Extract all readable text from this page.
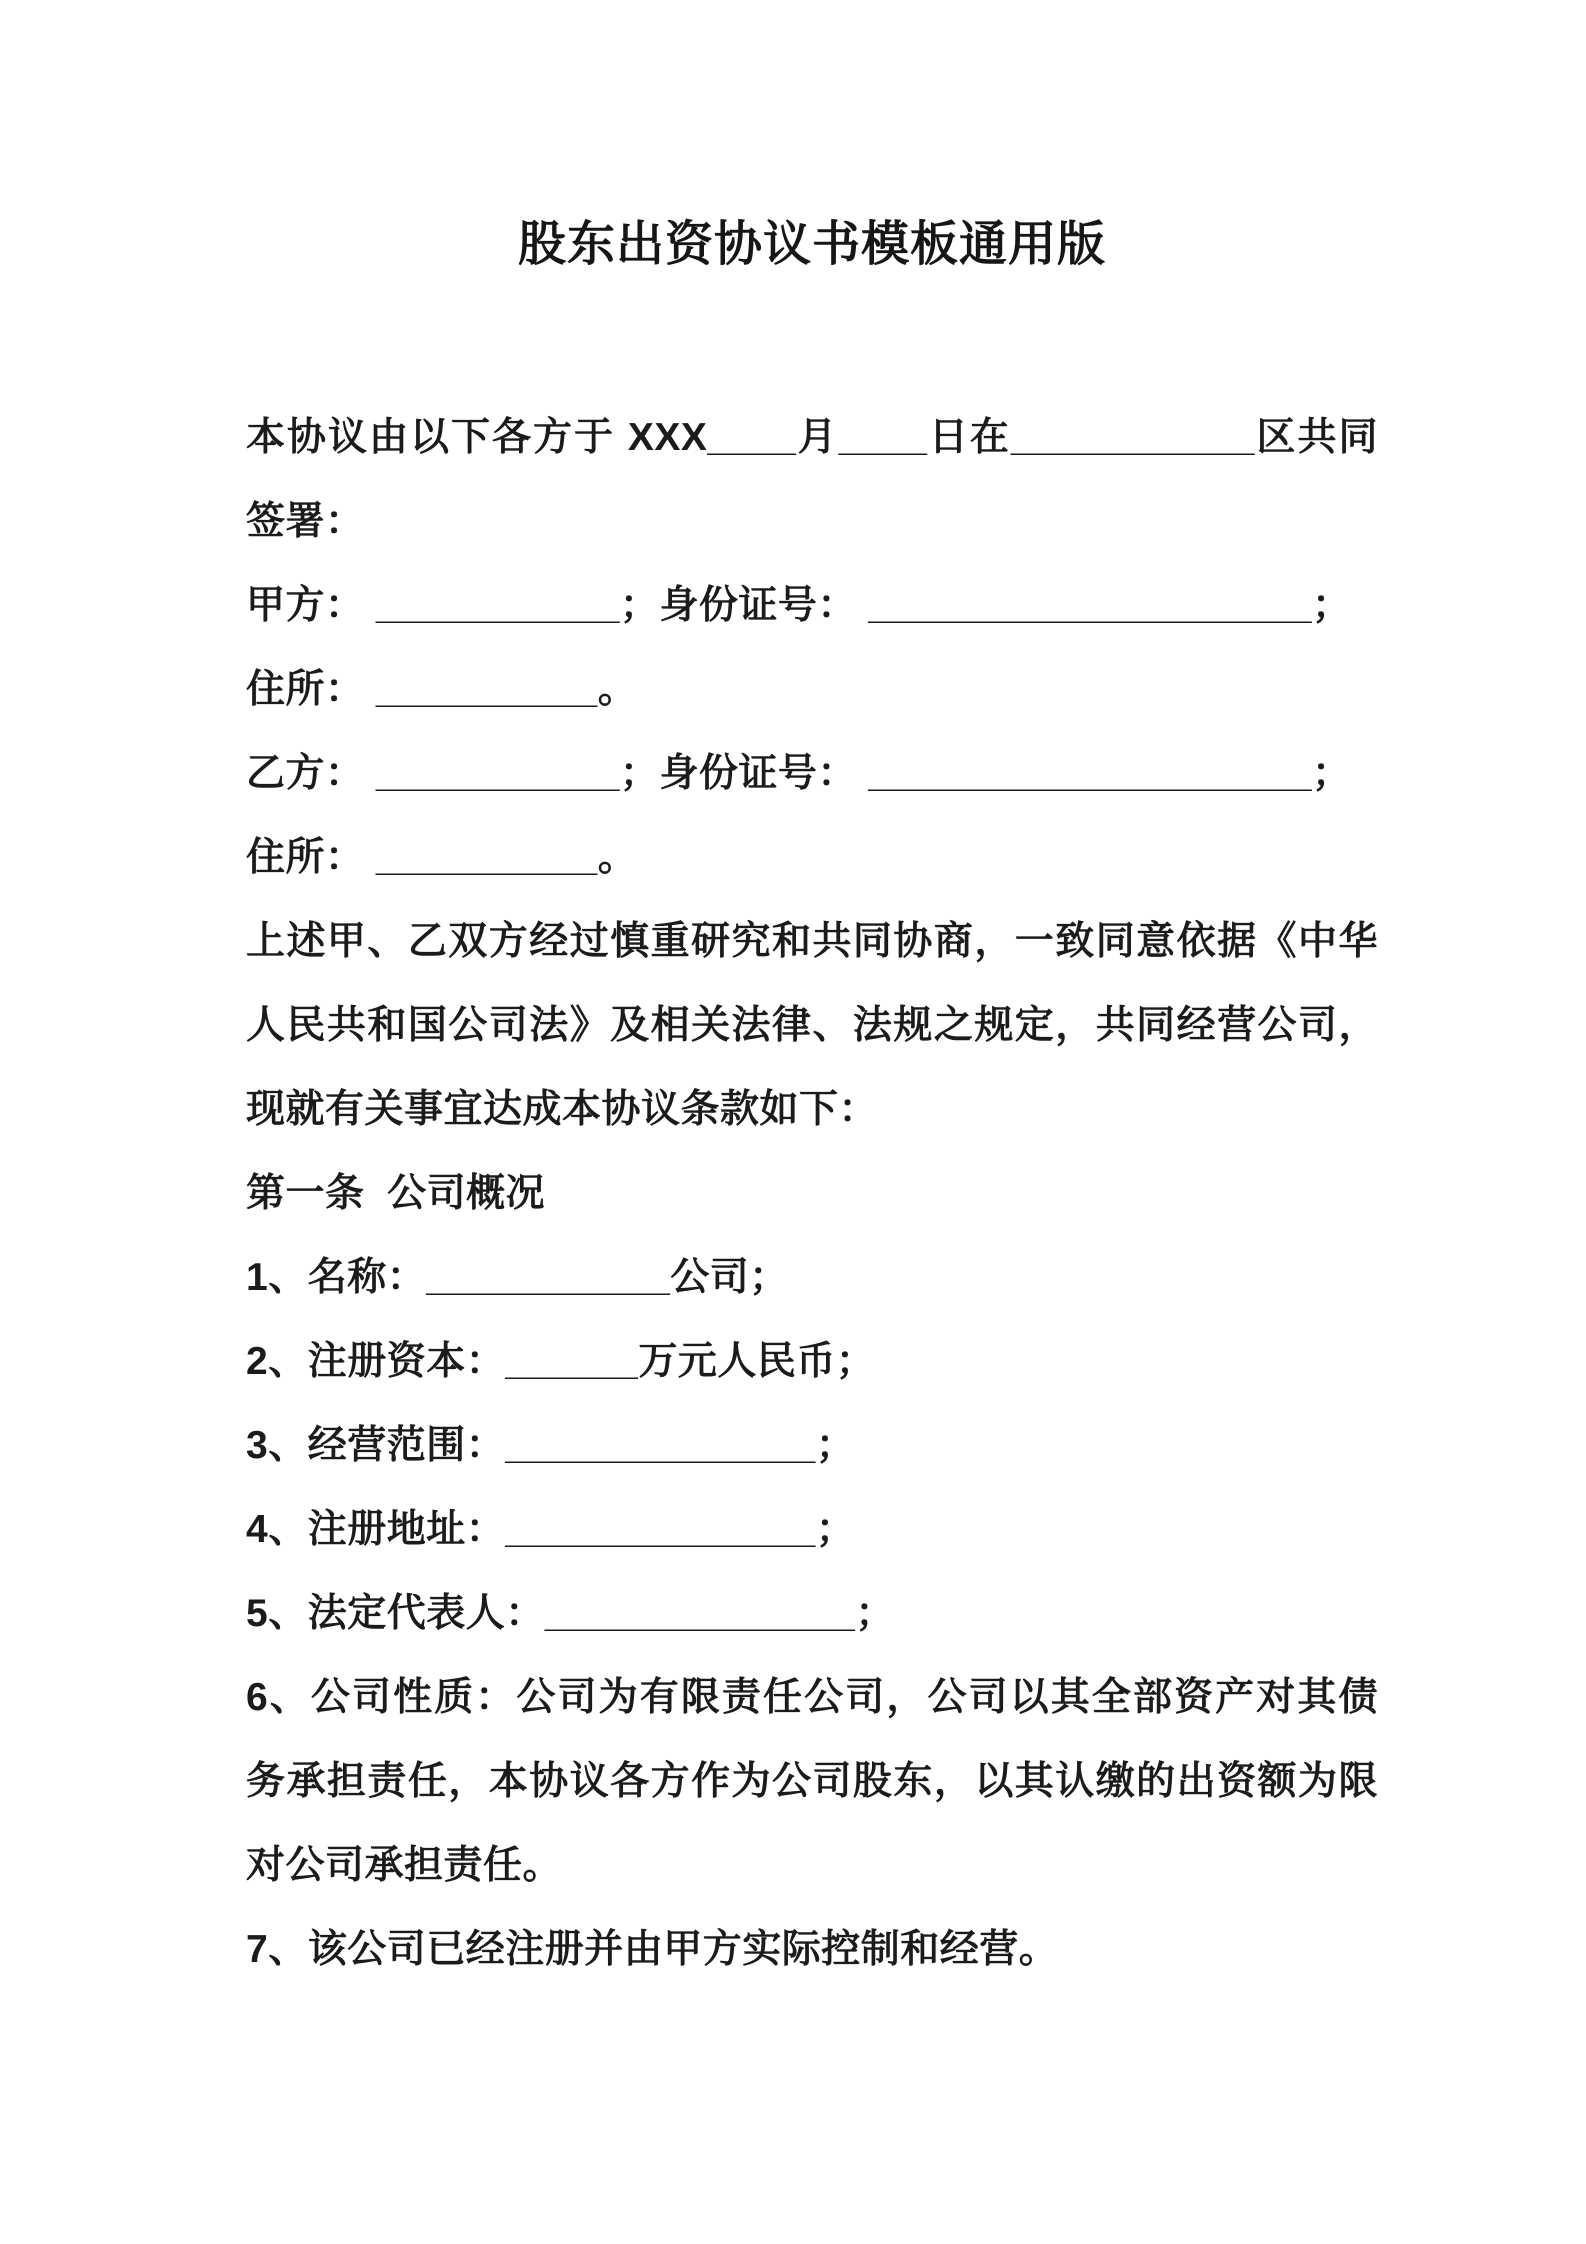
股东出资协议书模板通用版
本协议由以下各方于 XXX____月____日在___________区共同
签署：
甲方： ___________；身份证号： ____________________；
住所： __________。
乙方： ___________；身份证号： ____________________；
住所： __________。
上述甲、乙双方经过慎重研究和共同协商，一致同意依据《中华
人民共和国公司法》及相关法律、法规之规定，共同经营公司，
现就有关事宜达成本协议条款如下：
第一条  公司概况
1、名称：___________公司；
2、注册资本：______万元人民币；
3、经营范围：______________；
4、注册地址：______________；
5、法定代表人：______________；
6、公司性质：公司为有限责任公司，公司以其全部资产对其债
务承担责任，本协议各方作为公司股东，以其认缴的出资额为限
对公司承担责任。
7、该公司已经注册并由甲方实际控制和经营。
